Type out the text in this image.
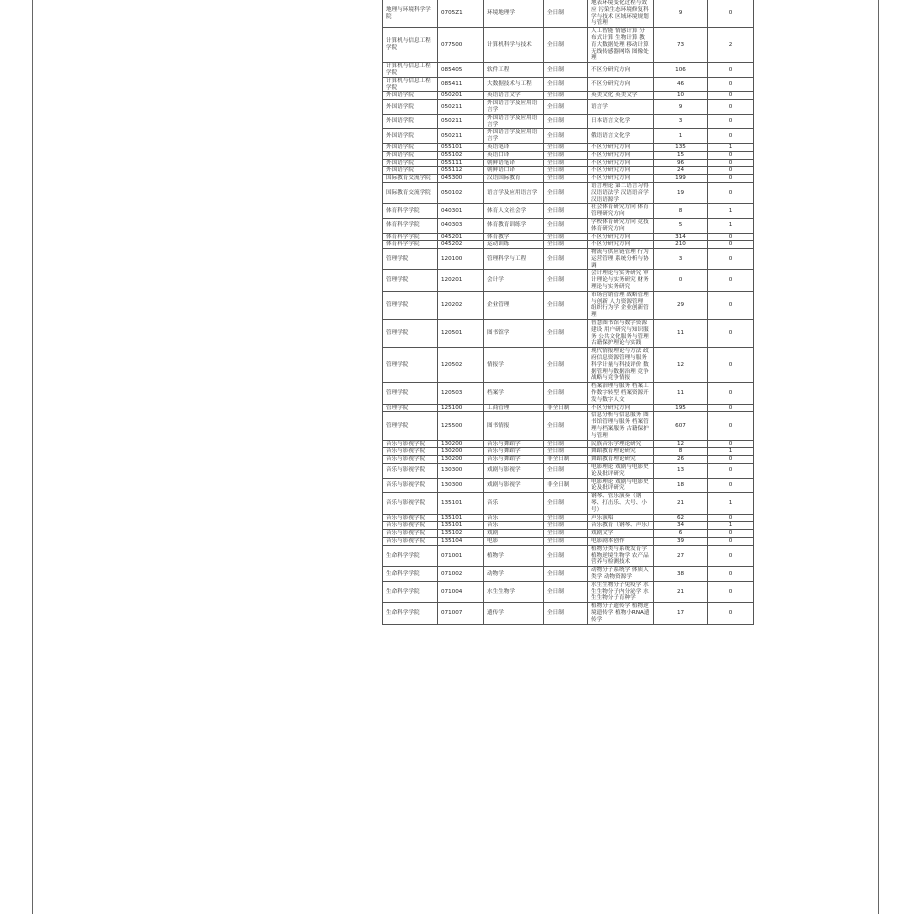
地理与环境科学学院	0705Z1	环境地理学	全日制	地表环境变化过程与效应 污染生态环境修复科学与技术 区域环境规划与管理	9	0
计算机与信息工程学院	077500	计算机科学与技术	全日制	人工智能 情感计算 分布式计算 生物计算 教育大数据处理 移动计算 无线传感器网络 图像处理	73	2
计算机与信息工程学院	085405	软件工程	全日制	不区分研究方向	106	0
计算机与信息工程学院	085411	大数据技术与工程	全日制	不区分研究方向	46	0
外国语学院	050201	英语语言文学	全日制	英美文化 英美文学	10	0
外国语学院	050211	外国语言学及应用语言学	全日制	语言学	9	0
外国语学院	050211	外国语言学及应用语言学	全日制	日本语言文化学	3	0
外国语学院	050211	外国语言学及应用语言学	全日制	俄语语言文化学	1	0
外国语学院	055101	英语笔译	全日制	不区分研究方向	135	1
外国语学院	055102	英语口译	全日制	不区分研究方向	15	0
外国语学院	055111	朝鲜语笔译	全日制	不区分研究方向	96	0
外国语学院	055112	朝鲜语口译	全日制	不区分研究方向	24	0
国际教育交流学院	045300	汉语国际教育	全日制	不区分研究方向	199	0
国际教育交流学院	050102	语言学及应用语言学	全日制	语言理论 第二语言习得 汉语语法学 汉语语音学 汉语语源学	19	0
体育科学学院	040301	体育人文社会学	全日制	社会体育研究方向 体育管理研究方向	8	1
体育科学学院	040303	体育教育训练学	全日制	学校体育研究方向 竞技体育研究方向	5	1
体育科学学院	045201	体育教学	全日制	不区分研究方向	314	0
体育科学学院	045202	运动训练	全日制	不区分研究方向	210	0
管理学院	120100	管理科学与工程	全日制	物流与供应链管理 行为运营管理 系统分析与协调	3	0
管理学院	120201	会计学	全日制	会计理论与实务研究 审计理论与实务研究 财务理论与实务研究	0	0
管理学院	120202	企业管理	全日制	市场营销管理 战略管理与创新 人力资源管理 组织行为学 企业创新管理	29	0
管理学院	120501	图书馆学	全日制	智慧图书馆与数字资源建设 用户研究与知识服务 公共文化服务与管理 古籍保护理论与实践	11	0
管理学院	120502	情报学	全日制	现代情报理论与方法 政府信息资源管理与服务 科学计量与科技评价 数据管理与数据治理 竞争战略与竞争情报	12	0
管理学院	120503	档案学	全日制	档案治理与服务 档案工作数字转型 档案资源开发与数字人文	11	0
管理学院	125100	工商管理	非全日制	不区分研究方向	195	0
管理学院	125500	图书情报	全日制	信息分析与信息服务 图书馆管理与服务 档案管理与档案服务 古籍保护与管理	607	0
音乐与影视学院	130200	音乐与舞蹈学	全日制	民族音乐学理论研究	12	0
音乐与影视学院	130200	音乐与舞蹈学	全日制	舞蹈教育理论研究	8	1
音乐与影视学院	130200	音乐与舞蹈学	非全日制	舞蹈教育理论研究	26	0
音乐与影视学院	130300	戏剧与影视学	全日制	电影理论 戏剧与电影史论及批评研究	13	0
音乐与影视学院	130300	戏剧与影视学	非全日制	电影理论 戏剧与电影史论及批评研究	18	0
音乐与影视学院	135101	音乐	全日制	钢琴、管乐演奏（钢琴、打击乐、大号、小号）	21	1
音乐与影视学院	135101	音乐	全日制	声乐演唱	62	0
音乐与影视学院	135101	音乐	全日制	音乐教育（钢琴、声乐）	34	1
音乐与影视学院	135102	戏剧	全日制	戏剧文学	6	0
音乐与影视学院	135104	电影	全日制	电影剧本创作	39	0
生命科学学院	071001	植物学	全日制	植物分类与系统发育学 植物逆境生物学 农产品营养与检测技术	27	0
生命科学学院	071002	动物学	全日制	动物分子系统学 体质人类学 动物资源学	38	0
生命科学学院	071004	水生生物学	全日制	水生生物分子免疫学 水生生物分子内分泌学 水生生物分子育种学	21	0
生命科学学院	071007	遗传学	全日制	植物分子遗传学 植物逆境遗传学 植物小RNA遗传学	17	0
